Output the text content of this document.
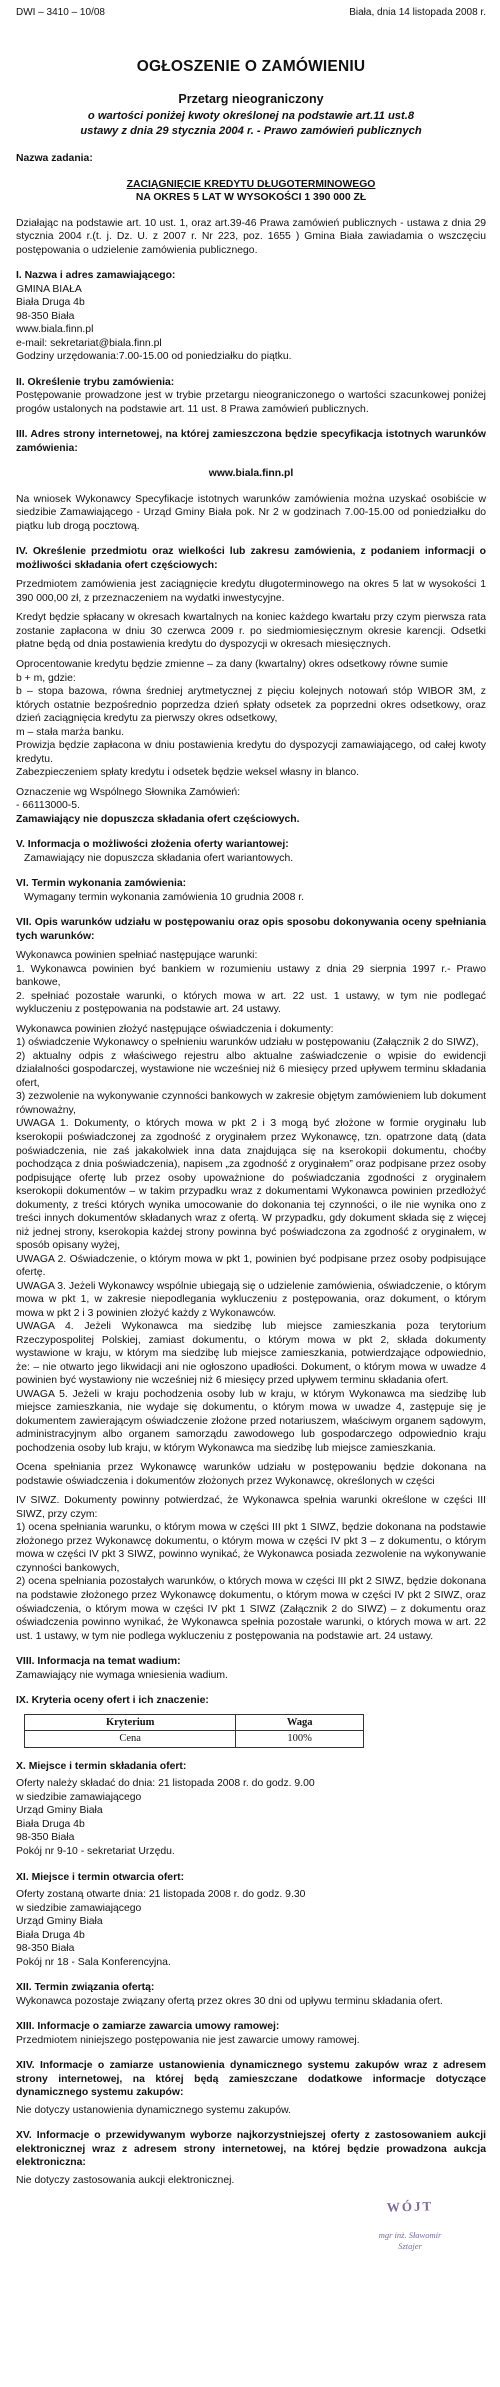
DWI – 3410 – 10/08	Biała, dnia 14 listopada 2008 r.
OGŁOSZENIE O ZAMÓWIENIU
Przetarg nieograniczony
o wartości poniżej kwoty określonej na podstawie art.11 ust.8
ustawy z dnia 29 stycznia 2004 r. - Prawo zamówień publicznych
Nazwa zadania:
ZACIĄGNIĘCIE KREDYTU DŁUGOTERMINOWEGO
NA OKRES 5 LAT W WYSOKOŚCI 1 390 000 ZŁ
Działając na podstawie art. 10 ust. 1, oraz art.39-46 Prawa zamówień publicznych - ustawa z dnia 29 stycznia 2004 r.(t. j. Dz. U. z 2007 r. Nr 223, poz. 1655 ) Gmina Biała zawiadamia o wszczęciu postępowania o udzielenie zamówienia publicznego.
I. Nazwa i adres zamawiającego:
GMINA BIAŁA
Biała Druga 4b
98-350 Biała
www.biala.finn.pl
e-mail: sekretariat@biala.finn.pl
Godziny urzędowania:7.00-15.00 od poniedziałku do piątku.
II. Określenie trybu zamówienia:
Postępowanie prowadzone jest w trybie przetargu nieograniczonego o wartości szacunkowej poniżej progów ustalonych na podstawie art. 11 ust. 8 Prawa zamówień publicznych.
III. Adres strony internetowej, na której zamieszczona będzie specyfikacja istotnych warunków zamówienia:
www.biala.finn.pl
Na wniosek Wykonawcy Specyfikacje istotnych warunków zamówienia można uzyskać osobiście w siedzibie Zamawiającego - Urząd Gminy Biała pok. Nr 2 w godzinach 7.00-15.00 od poniedziałku do piątku lub drogą pocztową.
IV. Określenie przedmiotu oraz wielkości lub zakresu zamówienia, z podaniem informacji o możliwości składania ofert częściowych:
Przedmiotem zamówienia jest zaciągnięcie kredytu długoterminowego na okres 5 lat w wysokości 1 390 000,00 zł, z przeznaczeniem na wydatki inwestycyjne.
Kredyt będzie spłacany w okresach kwartalnych na koniec każdego kwartału przy czym pierwsza rata zostanie zapłacona w dniu 30 czerwca 2009 r. po siedmiomiesięcznym okresie karencji. Odsetki płatne będą od dnia postawienia kredytu do dyspozycji w okresach miesięcznych.
Oprocentowanie kredytu będzie zmienne – za dany (kwartalny) okres odsetkowy równe sumie
b + m, gdzie:
b – stopa bazowa, równa średniej arytmetycznej z pięciu kolejnych notowań stóp WIBOR 3M, z których ostatnie bezpośrednio poprzedza dzień spłaty odsetek za poprzedni okres odsetkowy, oraz dzień zaciągnięcia kredytu za pierwszy okres odsetkowy,
m – stała marża banku.
Prowizja będzie zapłacona w dniu postawienia kredytu do dyspozycji zamawiającego, od całej kwoty kredytu.
Zabezpieczeniem spłaty kredytu i odsetek będzie weksel własny in blanco.
Oznaczenie wg Wspólnego Słownika Zamówień:
- 66113000-5.
Zamawiający nie dopuszcza składania ofert częściowych.
V. Informacja o możliwości złożenia oferty wariantowej:
Zamawiający nie dopuszcza składania ofert wariantowych.
VI. Termin wykonania zamówienia:
Wymagany termin wykonania zamówienia 10 grudnia 2008 r.
VII. Opis warunków udziału w postępowaniu oraz opis sposobu dokonywania oceny spełniania tych warunków:
Wykonawca powinien spełniać następujące warunki:
1. Wykonawca powinien być bankiem w rozumieniu ustawy z dnia 29 sierpnia 1997 r.- Prawo bankowe,
2. spełniać pozostałe warunki, o których mowa w art. 22 ust. 1 ustawy, w tym nie podlegać wykluczeniu z postępowania na podstawie art. 24 ustawy.
Wykonawca powinien złożyć następujące oświadczenia i dokumenty:
1) oświadczenie Wykonawcy o spełnieniu warunków udziału w postępowaniu (Załącznik 2 do SIWZ),
2) aktualny odpis z właściwego rejestru albo aktualne zaświadczenie o wpisie do ewidencji działalności gospodarczej, wystawione nie wcześniej niż 6 miesięcy przed upływem terminu składania ofert,
3) zezwolenie na wykonywanie czynności bankowych w zakresie objętym zamówieniem lub dokument równoważny,
UWAGA 1. Dokumenty, o których mowa w pkt 2 i 3 mogą być złożone w formie oryginału lub kserokopii poświadczonej za zgodność z oryginałem przez Wykonawcę, tzn. opatrzone datą (data poświadczenia, nie zaś jakakolwiek inna data znajdująca się na kserokopii dokumentu, choćby pochodząca z dnia poświadczenia), napisem „za zgodność z oryginałem” oraz podpisane przez osoby podpisujące ofertę lub przez osoby upoważnione do poświadczania zgodności z oryginałem kserokopii dokumentów – w takim przypadku wraz z dokumentami Wykonawca powinien przedłożyć dokumenty, z treści których wynika umocowanie do dokonania tej czynności, o ile nie wynika ono z treści innych dokumentów składanych wraz z ofertą. W przypadku, gdy dokument składa się z więcej niż jednej strony, kserokopia każdej strony powinna być poświadczona za zgodność z oryginałem, w sposób opisany wyżej,
UWAGA 2. Oświadczenie, o którym mowa w pkt 1, powinien być podpisane przez osoby podpisujące ofertę.
UWAGA 3. Jeżeli Wykonawcy wspólnie ubiegają się o udzielenie zamówienia, oświadczenie, o którym mowa w pkt 1, w zakresie niepodlegania wykluczeniu z postępowania, oraz dokument, o którym mowa w pkt 2 i 3 powinien złożyć każdy z Wykonawców.
UWAGA 4. Jeżeli Wykonawca ma siedzibę lub miejsce zamieszkania poza terytorium Rzeczypospolitej Polskiej, zamiast dokumentu, o którym mowa w pkt 2, składa dokumenty wystawione w kraju, w którym ma siedzibę lub miejsce zamieszkania, potwierdzające odpowiednio, że: – nie otwarto jego likwidacji ani nie ogłoszono upadłości. Dokument, o którym mowa w uwadze 4 powinien być wystawiony nie wcześniej niż 6 miesięcy przed upływem terminu składania ofert.
UWAGA 5. Jeżeli w kraju pochodzenia osoby lub w kraju, w którym Wykonawca ma siedzibę lub miejsce zamieszkania, nie wydaje się dokumentu, o którym mowa w uwadze 4, zastępuje się je dokumentem zawierającym oświadczenie złożone przed notariuszem, właściwym organem sądowym, administracyjnym albo organem samorządu zawodowego lub gospodarczego odpowiednio kraju pochodzenia osoby lub kraju, w którym Wykonawca ma siedzibę lub miejsce zamieszkania.
Ocena spełniania przez Wykonawcę warunków udziału w postępowaniu będzie dokonana na podstawie oświadczenia i dokumentów złożonych przez Wykonawcę, określonych w części
IV SIWZ. Dokumenty powinny potwierdzać, że Wykonawca spełnia warunki określone w części III SIWZ, przy czym:
1) ocena spełniania warunku, o którym mowa w części III pkt 1 SIWZ, będzie dokonana na podstawie złożonego przez Wykonawcę dokumentu, o którym mowa w części IV pkt 3 – z dokumentu, o którym mowa w części IV pkt 3 SIWZ, powinno wynikać, że Wykonawca posiada zezwolenie na wykonywanie czynności bankowych,
2) ocena spełniania pozostałych warunków, o których mowa w części III pkt 2 SIWZ, będzie dokonana na podstawie złożonego przez Wykonawcę dokumentu, o którym mowa w części IV pkt 2 SIWZ, oraz oświadczenia, o którym mowa w części IV pkt 1 SIWZ (Załącznik 2 do SIWZ) – z dokumentu oraz oświadczenia powinno wynikać, że Wykonawca spełnia pozostałe warunki, o których mowa w art. 22 ust. 1 ustawy, w tym nie podlega wykluczeniu z postępowania na podstawie art. 24 ustawy.
VIII. Informacja na temat wadium:
Zamawiający nie wymaga wniesienia wadium.
IX. Kryteria oceny ofert i ich znaczenie:
Kryterium	Waga
Cena	100%
X. Miejsce i termin składania ofert:
Oferty należy składać do dnia: 21 listopada 2008 r. do godz. 9.00
w siedzibie zamawiającego
Urząd Gminy Biała
Biała Druga 4b
98-350 Biała
Pokój nr 9-10 - sekretariat Urzędu.
XI. Miejsce i termin otwarcia ofert:
Oferty zostaną otwarte dnia: 21 listopada 2008 r. do godz. 9.30
w siedzibie zamawiającego
Urząd Gminy Biała
Biała Druga 4b
98-350 Biała
Pokój nr 18 - Sala Konferencyjna.
XII. Termin związania ofertą:
Wykonawca pozostaje związany ofertą przez okres 30 dni od upływu terminu składania ofert.
XIII. Informacje o zamiarze zawarcia umowy ramowej:
Przedmiotem niniejszego postępowania nie jest zawarcie umowy ramowej.
XIV. Informacje o zamiarze ustanowienia dynamicznego systemu zakupów wraz z adresem strony internetowej, na której będą zamieszczane dodatkowe informacje dotyczące dynamicznego systemu zakupów:
Nie dotyczy ustanowienia dynamicznego systemu zakupów.
XV. Informacje o przewidywanym wyborze najkorzystniejszej oferty z zastosowaniem aukcji elektronicznej wraz z adresem strony internetowej, na której będzie prowadzona aukcja elektroniczna:
Nie dotyczy zastosowania aukcji elektronicznej.
WÓJT
mgr inż. Sławomir Sztajer
